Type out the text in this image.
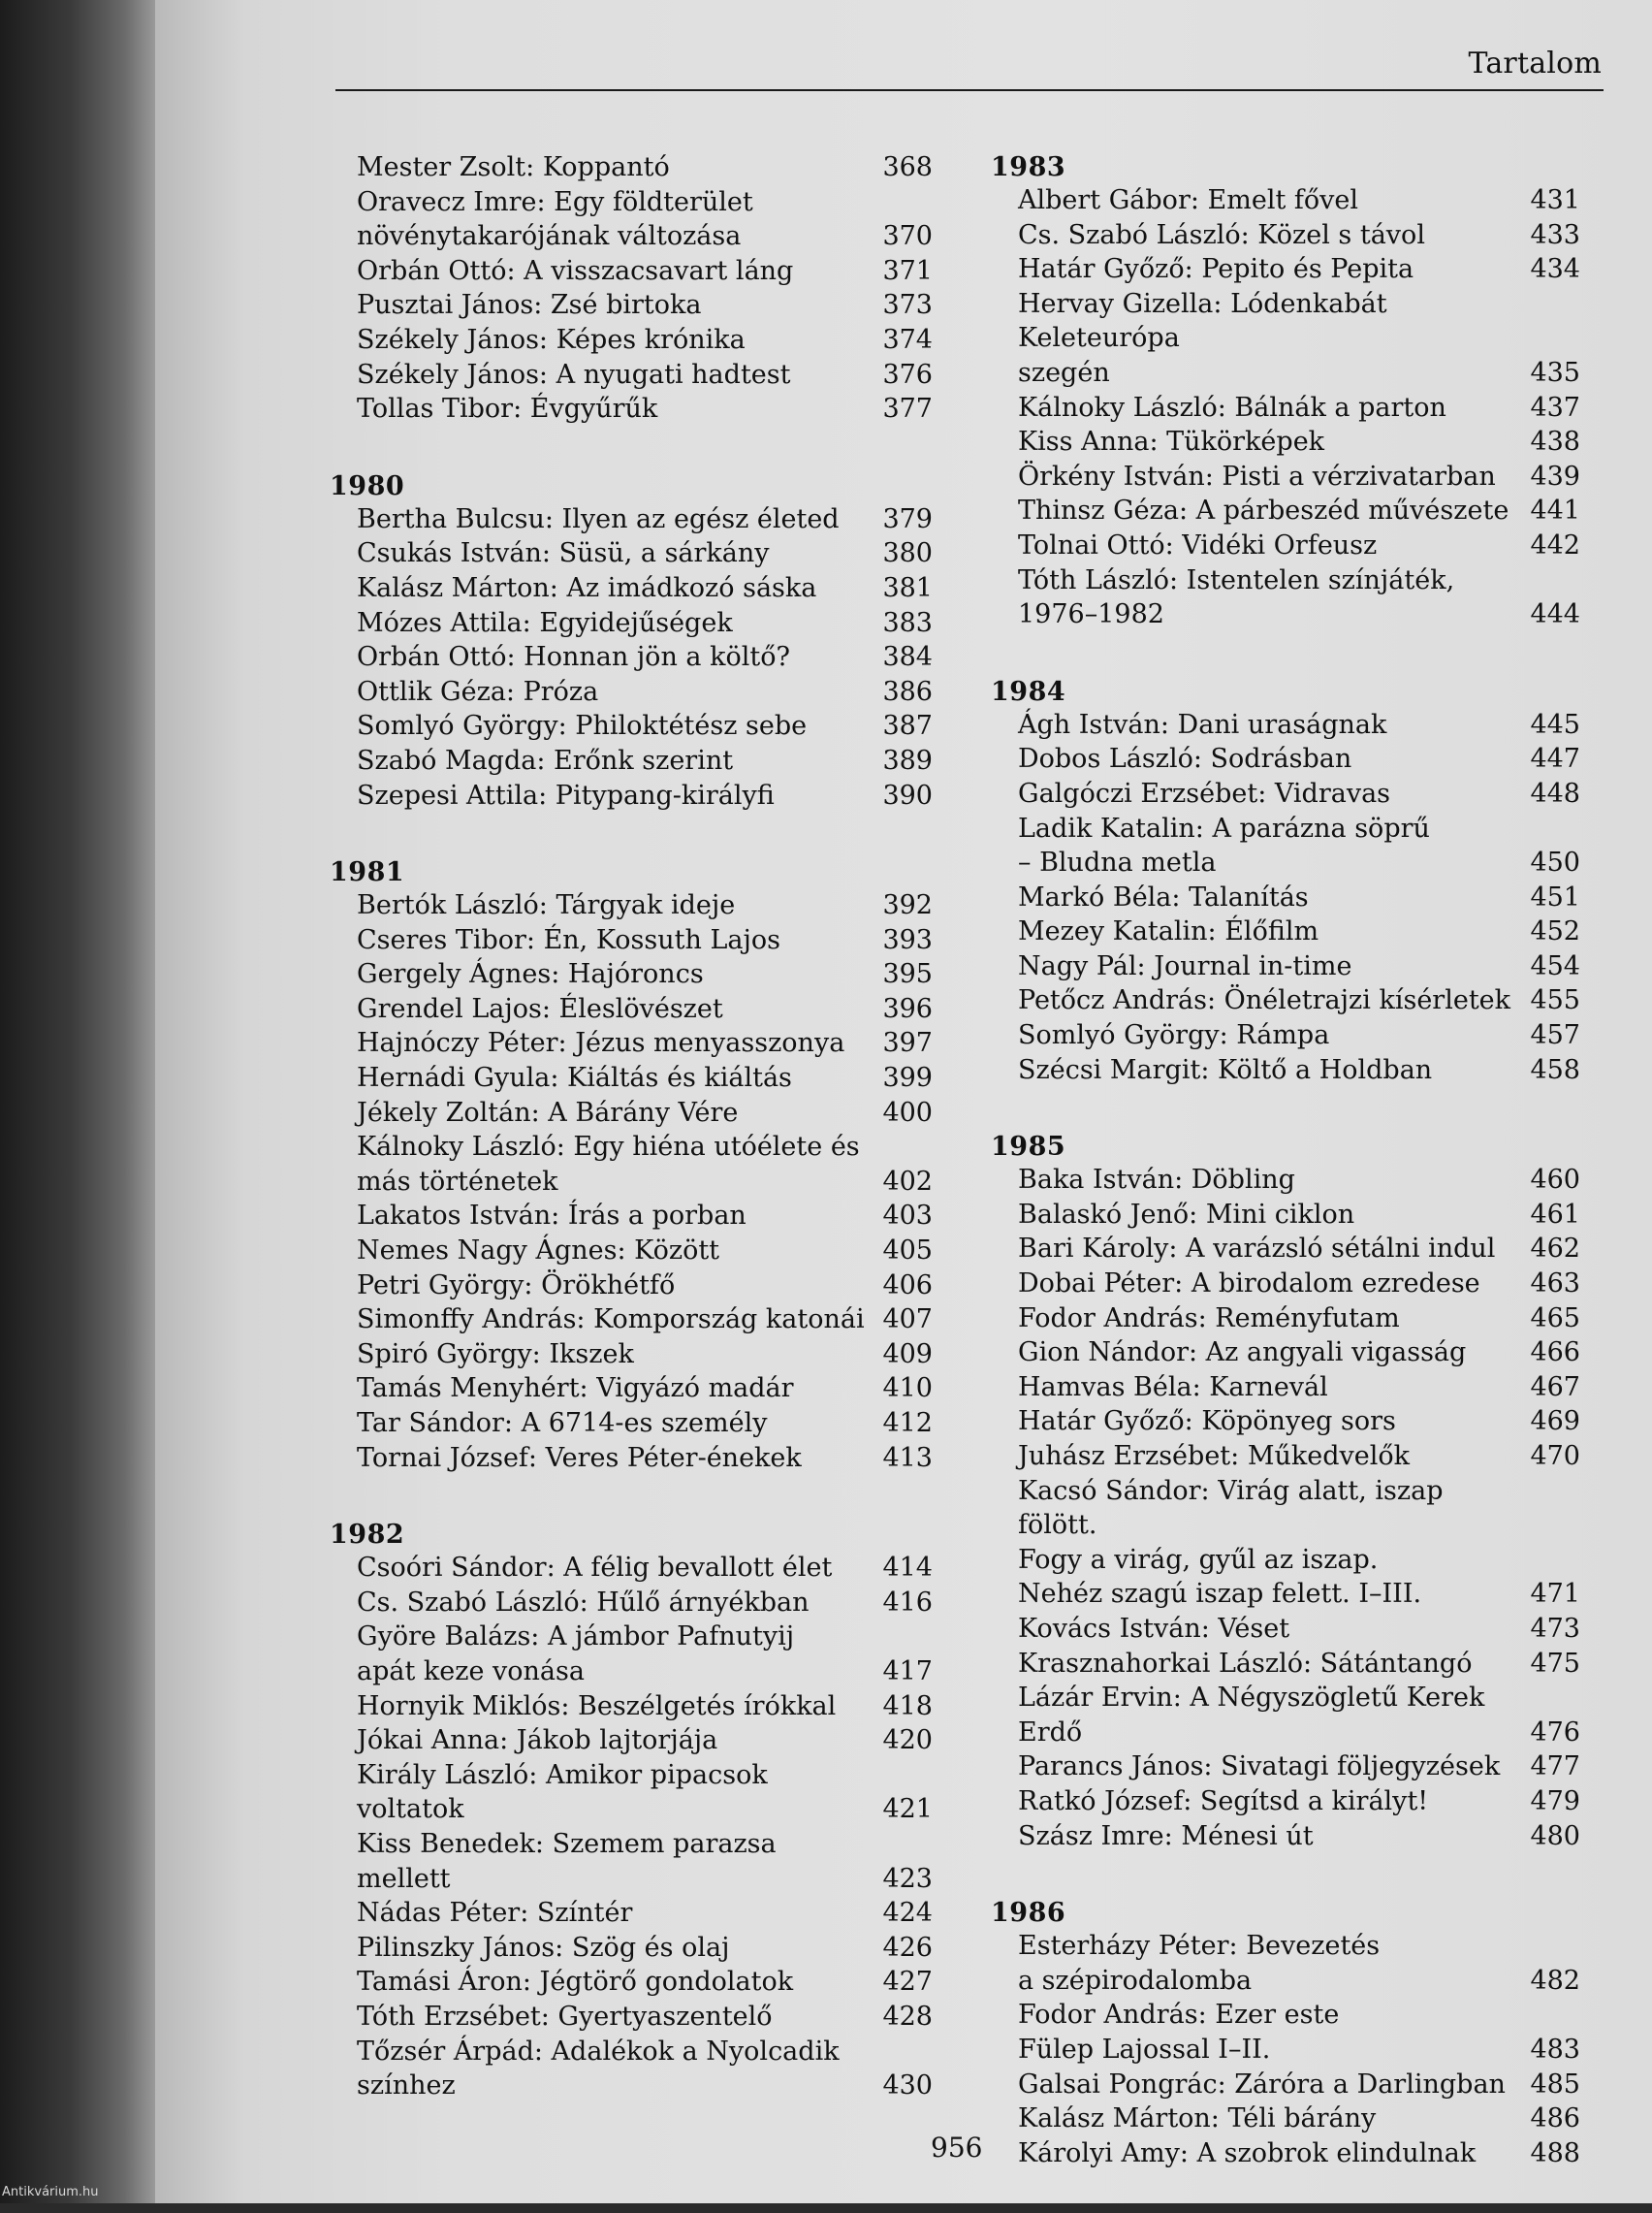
Tartalom
Mester Zsolt: Koppantó	368
Oravecz Imre: Egy földterület
növénytakarójának változása	370
Orbán Ottó: A visszacsavart láng	371
Pusztai János: Zsé birtoka	373
Székely János: Képes krónika	374
Székely János: A nyugati hadtest	376
Tollas Tibor: Évgyűrűk	377
1980
Bertha Bulcsu: Ilyen az egész életed	379
Csukás István: Süsü, a sárkány	380
Kalász Márton: Az imádkozó sáska	381
Mózes Attila: Egyidejűségek	383
Orbán Ottó: Honnan jön a költő?	384
Ottlik Géza: Próza	386
Somlyó György: Philoktétész sebe	387
Szabó Magda: Erőnk szerint	389
Szepesi Attila: Pitypang-királyfi	390
1981
Bertók László: Tárgyak ideje	392
Cseres Tibor: Én, Kossuth Lajos	393
Gergely Ágnes: Hajóroncs	395
Grendel Lajos: Éleslövészet	396
Hajnóczy Péter: Jézus menyasszonya	397
Hernádi Gyula: Kiáltás és kiáltás	399
Jékely Zoltán: A Bárány Vére	400
Kálnoky László: Egy hiéna utóélete és
más történetek	402
Lakatos István: Írás a porban	403
Nemes Nagy Ágnes: Között	405
Petri György: Örökhétfő	406
Simonffy András: Kompország katonái 407
Spiró György: Ikszek	409
Tamás Menyhért: Vigyázó madár	410
Tar Sándor: A 6714-es személy	412
Tornai József: Veres Péter-énekek	413
1982
Csoóri Sándor: A félig bevallott élet	414
Cs. Szabó László: Hűlő árnyékban	416
Györe Balázs: A jámbor Pafnutyij
apát keze vonása	417
Hornyik Miklós: Beszélgetés írókkal	418
Jókai Anna: Jákob lajtorjája	420
Király László: Amikor pipacsok
voltatok	421
Kiss Benedek: Szemem parazsa mellett	423
Nádas Péter: Színtér	424
Pilinszky János: Szög és olaj	426
Tamási Áron: Jégtörő gondolatok	427
Tóth Erzsébet: Gyertyaszentelő	428
Tőzsér Árpád: Adalékok a Nyolcadik
színhez	430
1983
Albert Gábor: Emelt fővel	431
Cs. Szabó László: Közel s távol	433
Határ Győző: Pepito és Pepita	434
Hervay Gizella: Lódenkabát Keleteurópa
szegén	435
Kálnoky László: Bálnák a parton	437
Kiss Anna: Tükörképek	438
Örkény István: Pisti a vérzivatarban	439
Thinsz Géza: A párbeszéd művészete 441
Tolnai Ottó: Vidéki Orfeusz	442
Tóth László: Istentelen színjáték,
1976–1982	444
1984
Ágh István: Dani uraságnak	445
Dobos László: Sodrásban	447
Galgóczi Erzsébet: Vidravas	448
Ladik Katalin: A parázna söprű
– Bludna metla	450
Markó Béla: Talanítás	451
Mezey Katalin: Élőfilm	452
Nagy Pál: Journal in-time	454
Petőcz András: Önéletrajzi kísérletek 455
Somlyó György: Rámpa	457
Szécsi Margit: Költő a Holdban	458
1985
Baka István: Döbling	460
Balaskó Jenő: Mini ciklon	461
Bari Károly: A varázsló sétálni indul	462
Dobai Péter: A birodalom ezredese	463
Fodor András: Reményfutam	465
Gion Nándor: Az angyali vigasság	466
Hamvas Béla: Karnevál	467
Határ Győző: Köpönyeg sors	469
Juhász Erzsébet: Műkedvelők	470
Kacsó Sándor: Virág alatt, iszap fölött.
Fogy a virág, gyűl az iszap.
Nehéz szagú iszap felett. I–III.	471
Kovács István: Véset	473
Krasznahorkai László: Sátántangó	475
Lázár Ervin: A Négyszögletű Kerek Erdő	476
Parancs János: Sivatagi följegyzések	477
Ratkó József: Segítsd a királyt!	479
Szász Imre: Ménesi út	480
1986
Esterházy Péter: Bevezetés
a szépirodalomba	482
Fodor András: Ezer este
Fülep Lajossal I–II.	483
Galsai Pongrác: Záróra a Darlingban 485
Kalász Márton: Téli bárány	486
Károlyi Amy: A szobrok elindulnak	488
956
Antikvárium.hu
